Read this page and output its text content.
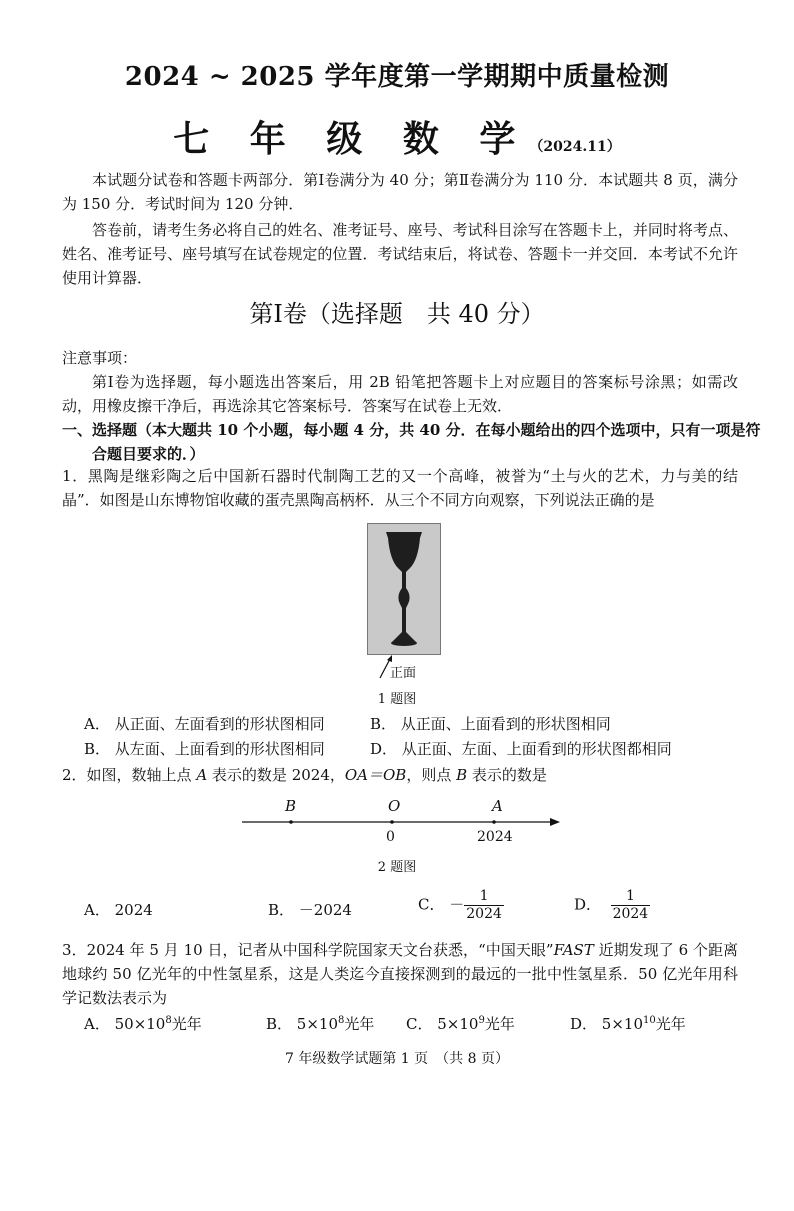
2024 ~ 2025 学年度第一学期期中质量检测
七 年 级 数 学（2024.11）

本试题分试卷和答题卡两部分．第Ⅰ卷满分为 40 分；第Ⅱ卷满分为 110 分．本试题共 8 页，满分为 150 分．考试时间为 120 分钟．

答卷前，请考生务必将自己的姓名、准考证号、座号、考试科目涂写在答题卡上，并同时将考点、姓名、准考证号、座号填写在试卷规定的位置．考试结束后，将试卷、答题卡一并交回．本考试不允许使用计算器．

第Ⅰ卷（选择题　共 40 分）

注意事项：

第Ⅰ卷为选择题，每小题选出答案后，用 2B 铅笔把答题卡上对应题目的答案标号涂黑；如需改动，用橡皮擦干净后，再选涂其它答案标号．答案写在试卷上无效．

一、选择题（本大题共 10 个小题，每小题 4 分，共 40 分．在每小题给出的四个选项中，只有一项是符合题目要求的．）

1．黑陶是继彩陶之后中国新石器时代制陶工艺的又一个高峰，被誉为“土与火的艺术，力与美的结晶”．如图是山东博物馆收藏的蛋壳黑陶高柄杯．从三个不同方向观察，下列说法正确的是

正面
1 题图
A． 从正面、左面看到的形状图相同	B． 从正面、上面看到的形状图相同
B． 从左面、上面看到的形状图相同	D． 从正面、左面、上面看到的形状图都相同

2．如图，数轴上点 A 表示的数是 2024，OA＝OB，则点 B 表示的数是

B	O	A
0	2024
2 题图
A． 2024	B． －2024	C． － $\frac{1}{2024}$	D． $\frac{1}{2024}$

3．2024 年 5 月 10 日，记者从中国科学院国家天文台获悉，“中国天眼”FAST 近期发现了 6 个距离地球约 50 亿光年的中性氢星系，这是人类迄今直接探测到的最远的一批中性氢星系．50 亿光年用科学记数法表示为

A． $50\times 10^8$光年	B． $5\times 10^8$光年 C． $5\times 10^9$光年	D． $5\times 10^{10}$光年
7 年级数学试题第 1 页　（共 8 页）
